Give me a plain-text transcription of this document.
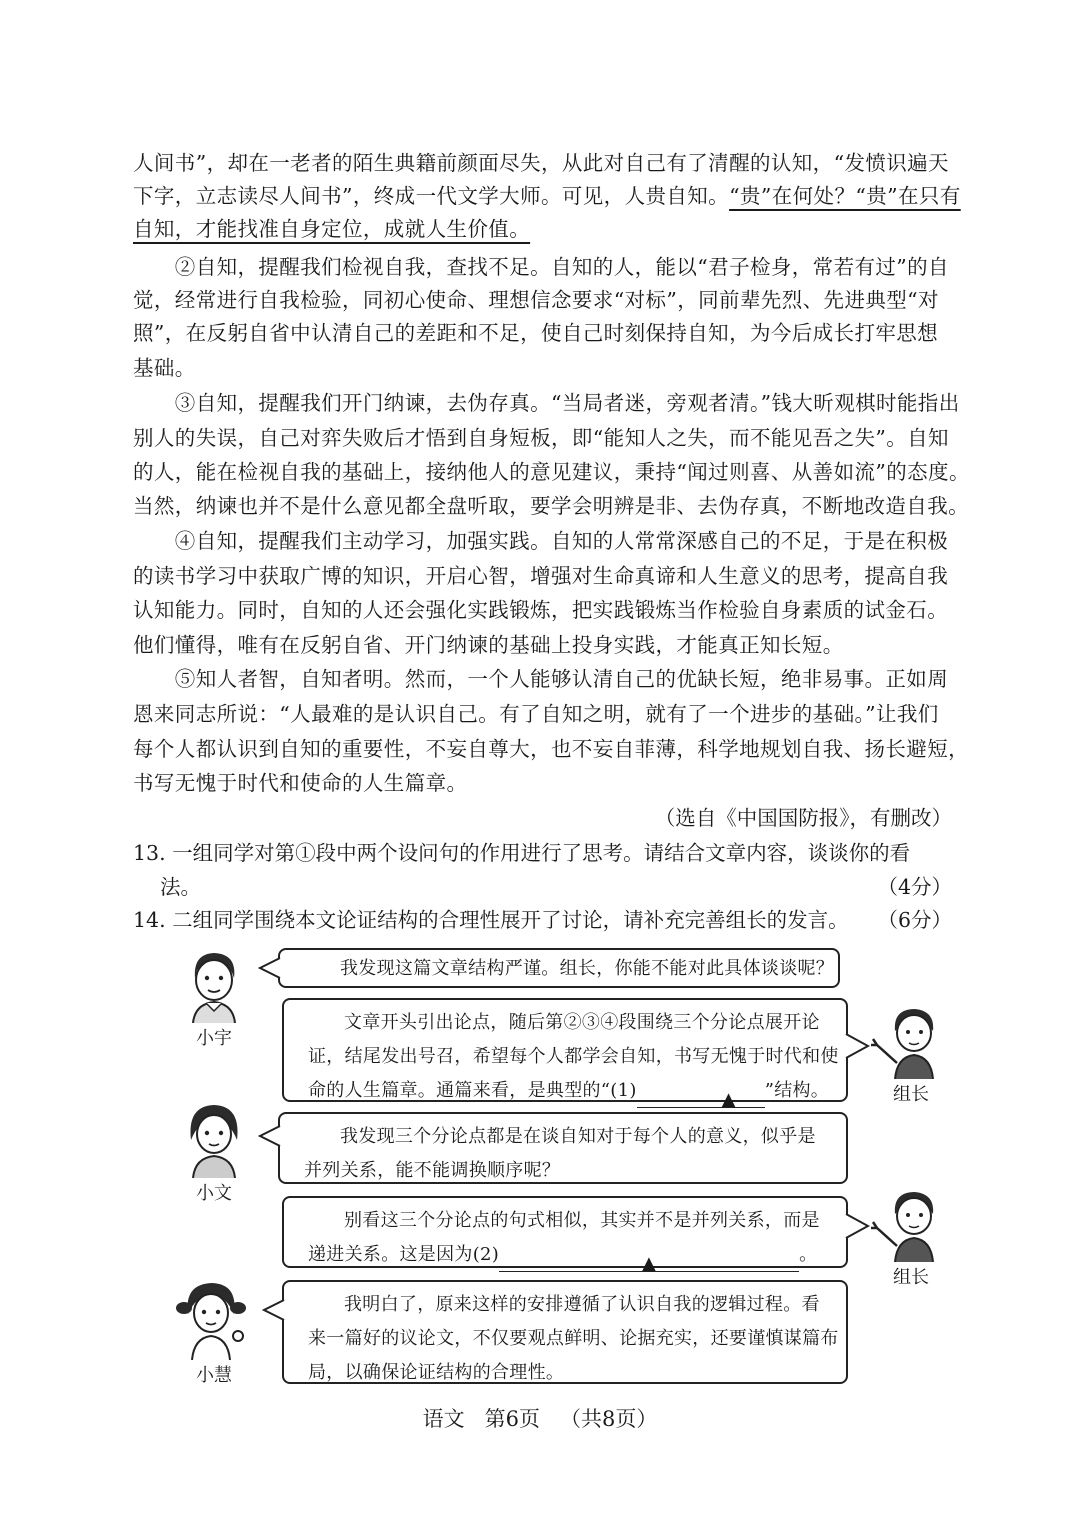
人间书”，却在一老者的陌生典籍前颜面尽失，从此对自己有了清醒的认知，“发愤识遍天
下字，立志读尽人间书”，终成一代文学大师。可见，人贵自知。“贵”在何处？“贵”在只有
自知，才能找准自身定位，成就人生价值。
　　②自知，提醒我们检视自我，查找不足。自知的人，能以“君子检身，常若有过”的自
觉，经常进行自我检验，同初心使命、理想信念要求“对标”，同前辈先烈、先进典型“对
照”，在反躬自省中认清自己的差距和不足，使自己时刻保持自知，为今后成长打牢思想
基础。
　　③自知，提醒我们开门纳谏，去伪存真。“当局者迷，旁观者清。”钱大昕观棋时能指出
别人的失误，自己对弈失败后才悟到自身短板，即“能知人之失，而不能见吾之失”。自知
的人，能在检视自我的基础上，接纳他人的意见建议，秉持“闻过则喜、从善如流”的态度。
当然，纳谏也并不是什么意见都全盘听取，要学会明辨是非、去伪存真，不断地改造自我。
　　④自知，提醒我们主动学习，加强实践。自知的人常常深感自己的不足，于是在积极
的读书学习中获取广博的知识，开启心智，增强对生命真谛和人生意义的思考，提高自我
认知能力。同时，自知的人还会强化实践锻炼，把实践锻炼当作检验自身素质的试金石。
他们懂得，唯有在反躬自省、开门纳谏的基础上投身实践，才能真正知长短。
　　⑤知人者智，自知者明。然而，一个人能够认清自己的优缺长短，绝非易事。正如周
恩来同志所说：“人最难的是认识自己。有了自知之明，就有了一个进步的基础。”让我们
每个人都认识到自知的重要性，不妄自尊大，也不妄自菲薄，科学地规划自我、扬长避短，
书写无愧于时代和使命的人生篇章。
（选自《中国国防报》，有删改）
13. 一组同学对第①段中两个设问句的作用进行了思考。请结合文章内容，谈谈你的看
法。	（4分）
14. 二组同学围绕本文论证结构的合理性展开了讨论，请补充完善组长的发言。 （6分）
小宇
小文
小慧
组长
组长
我发现这篇文章结构严谨。组长，你能不能对此具体谈谈呢？
文章开头引出论点，随后第②③④段围绕三个分论点展开论
证，结尾发出号召，希望每个人都学会自知，书写无愧于时代和使
命的人生篇章。通篇来看，是典型的“(1)	▲ ”结构。
我发现三个分论点都是在谈自知对于每个人的意义，似乎是
并列关系，能不能调换顺序呢？
别看这三个分论点的句式相似，其实并不是并列关系，而是
递进关系。这是因为(2)	▲	。
我明白了，原来这样的安排遵循了认识自我的逻辑过程。看
来一篇好的议论文，不仅要观点鲜明、论据充实，还要谨慎谋篇布
局，以确保论证结构的合理性。
语文 第6页 （共8页）
